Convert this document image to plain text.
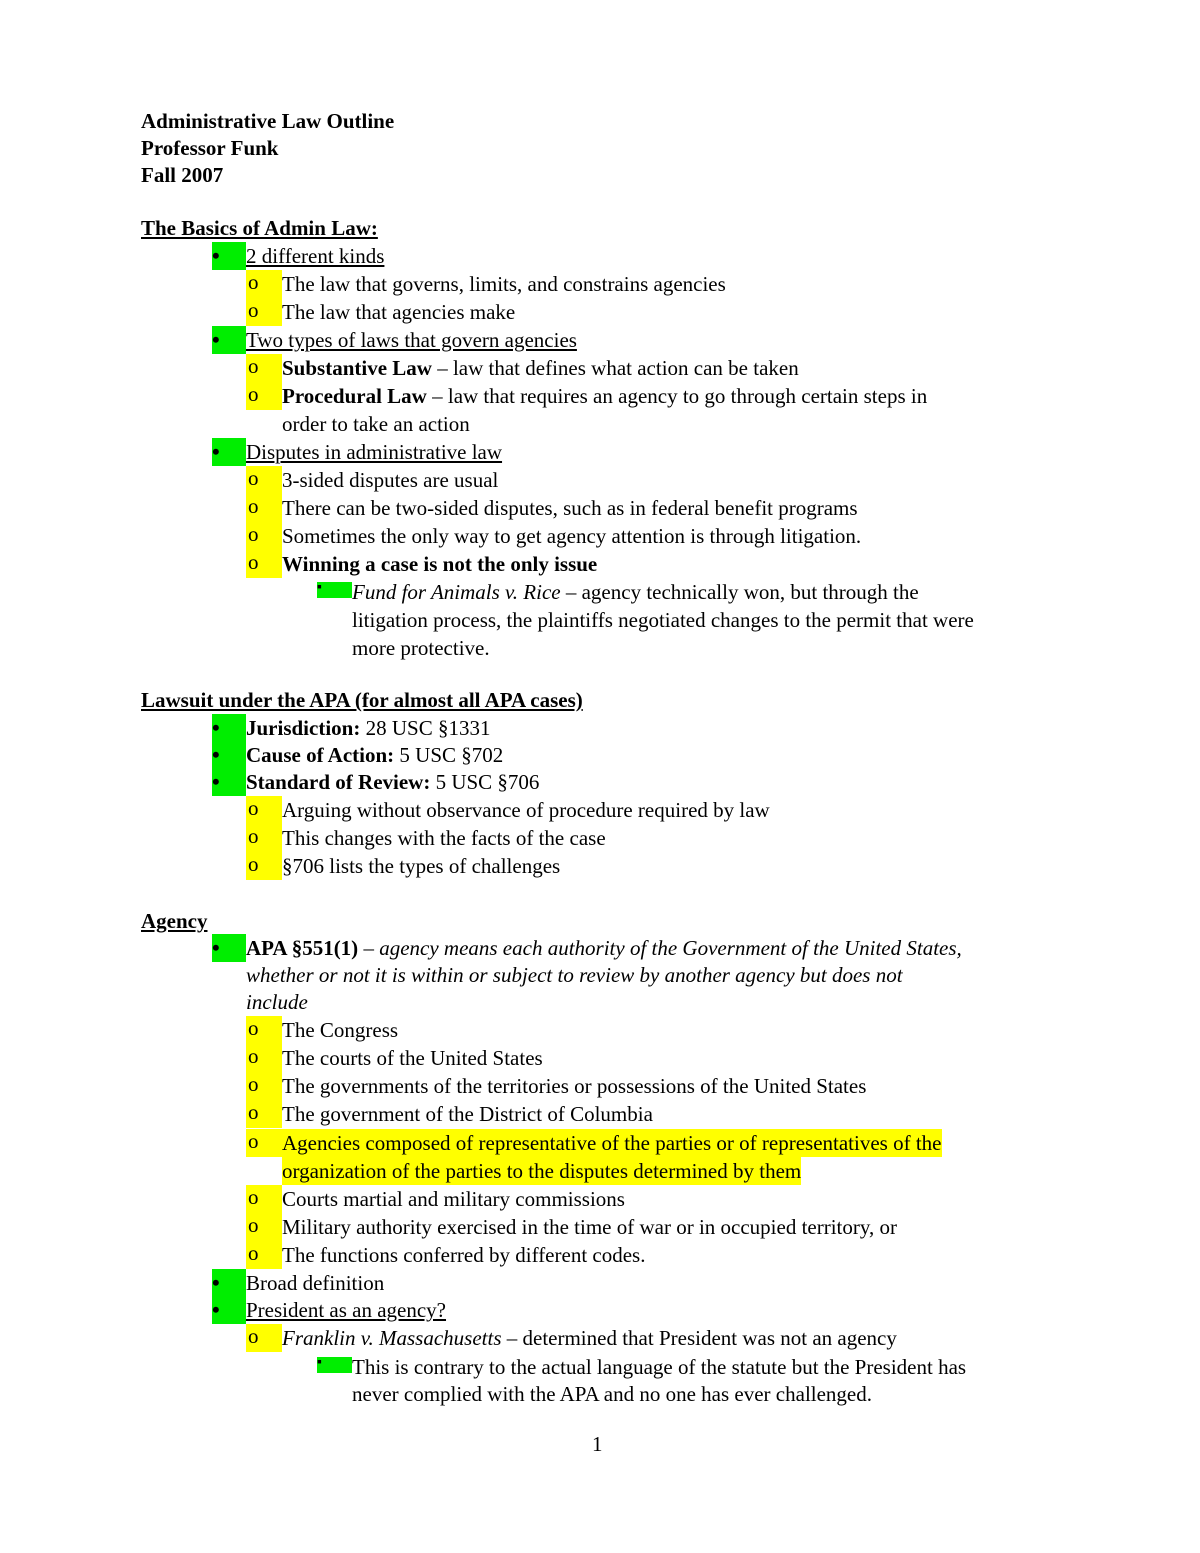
Administrative Law Outline
Professor Funk
Fall 2007
The Basics of Admin Law:
•
2 different kinds
o
The law that governs, limits, and constrains agencies
o
The law that agencies make
•
Two types of laws that govern agencies
o
Substantive Law – law that defines what action can be taken
o
Procedural Law – law that requires an agency to go through certain steps in
order to take an action
•
Disputes in administrative law
o
3-sided disputes are usual
o
There can be two-sided disputes, such as in federal benefit programs
o
Sometimes the only way to get agency attention is through litigation.
o
Winning a case is not the only issue
▪
Fund for Animals v. Rice – agency technically won, but through the
litigation process, the plaintiffs negotiated changes to the permit that were
more protective.
Lawsuit under the APA (for almost all APA cases)
•
Jurisdiction: 28 USC §1331
•
Cause of Action: 5 USC §702
•
Standard of Review: 5 USC §706
o
Arguing without observance of procedure required by law
o
This changes with the facts of the case
o
§706 lists the types of challenges
Agency
•
APA §551(1) – agency means each authority of the Government of the United States,
whether or not it is within or subject to review by another agency but does not
include
o
The Congress
o
The courts of the United States
o
The governments of the territories or possessions of the United States
o
The government of the District of Columbia
o
Agencies composed of representative of the parties or of representatives of the
organization of the parties to the disputes determined by them
o
Courts martial and military commissions
o
Military authority exercised in the time of war or in occupied territory, or
o
The functions conferred by different codes.
•
Broad definition
•
President as an agency?
o
Franklin v. Massachusetts – determined that President was not an agency
▪
This is contrary to the actual language of the statute but the President has
never complied with the APA and no one has ever challenged.
1
